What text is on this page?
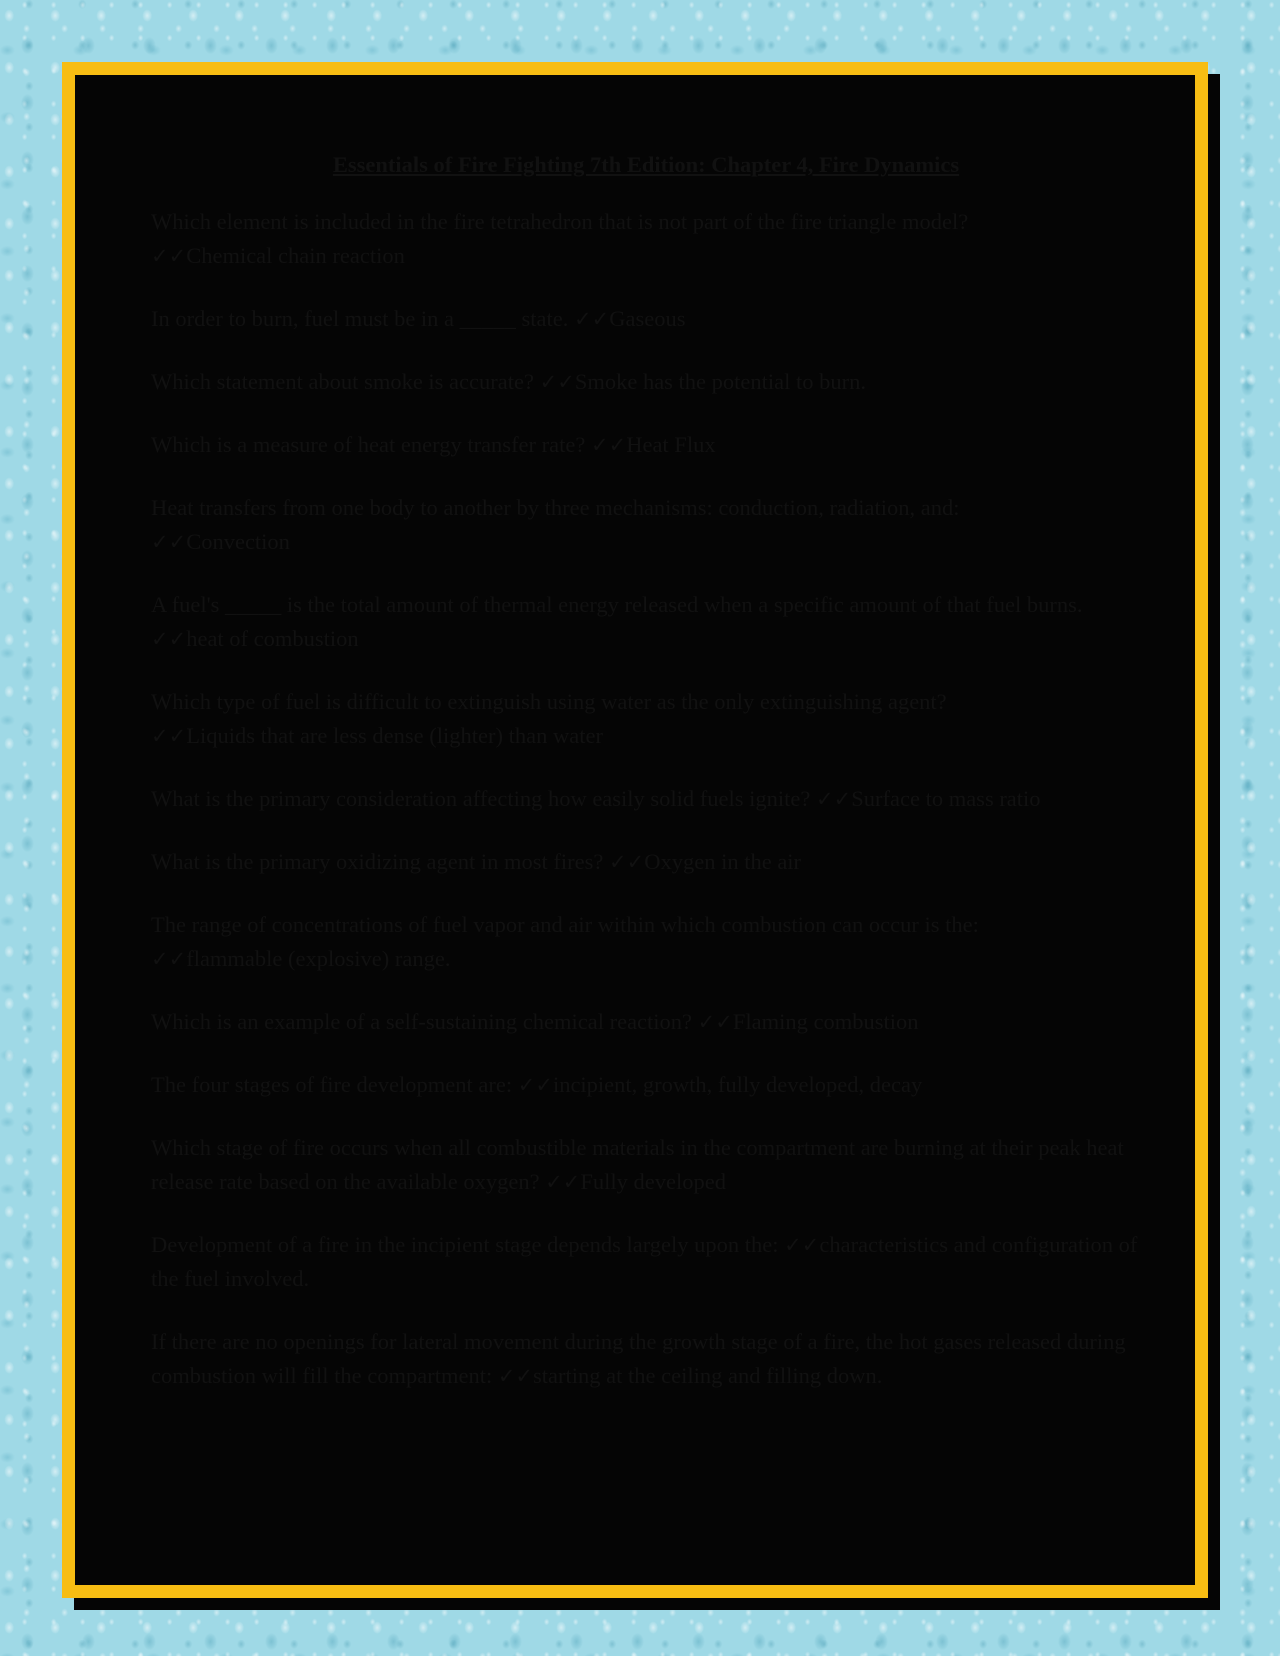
Essentials of Fire Fighting 7th Edition: Chapter 4, Fire Dynamics

Which element is included in the fire tetrahedron that is not part of the fire triangle model?
✓✓Chemical chain reaction

In order to burn, fuel must be in a _____ state. ✓✓Gaseous

Which statement about smoke is accurate? ✓✓Smoke has the potential to burn.

Which is a measure of heat energy transfer rate? ✓✓Heat Flux

Heat transfers from one body to another by three mechanisms: conduction, radiation, and:
✓✓Convection

A fuel's _____ is the total amount of thermal energy released when a specific amount of that fuel burns. ✓✓heat of combustion

Which type of fuel is difficult to extinguish using water as the only extinguishing agent?
✓✓Liquids that are less dense (lighter) than water

What is the primary consideration affecting how easily solid fuels ignite? ✓✓Surface to mass ratio

What is the primary oxidizing agent in most fires? ✓✓Oxygen in the air

The range of concentrations of fuel vapor and air within which combustion can occur is the:
✓✓flammable (explosive) range.

Which is an example of a self-sustaining chemical reaction? ✓✓Flaming combustion

The four stages of fire development are: ✓✓incipient, growth, fully developed, decay

Which stage of fire occurs when all combustible materials in the compartment are burning at their peak heat release rate based on the available oxygen? ✓✓Fully developed

Development of a fire in the incipient stage depends largely upon the: ✓✓characteristics and configuration of the fuel involved.

If there are no openings for lateral movement during the growth stage of a fire, the hot gases released during combustion will fill the compartment: ✓✓starting at the ceiling and filling down.
